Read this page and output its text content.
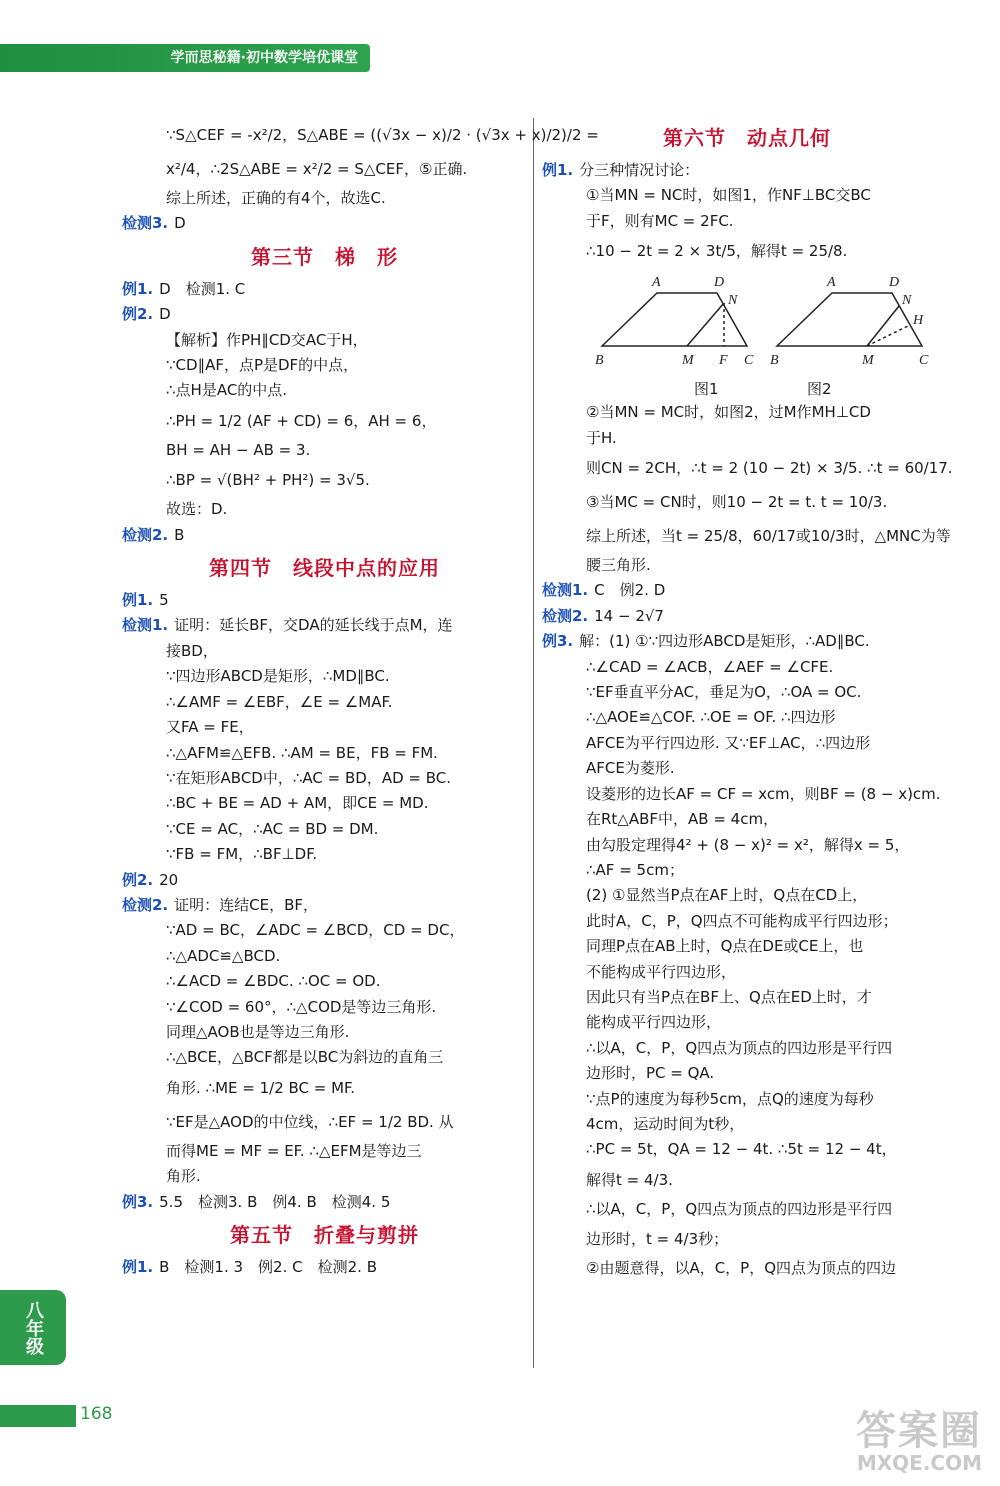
学而思秘籍·初中数学培优课堂
∵S△CEF = -x²/2，S△ABE = ((√3x − x)/2 · (√3x + x)/2)/2 =
x²/4，∴2S△ABE = x²/2 = S△CEF，⑤正确.
综上所述，正确的有4个，故选C.
检测3. D
第三节　梯　形
例1. D　检测1. C
例2. D
【解析】作PH∥CD交AC于H，
∵CD∥AF，点P是DF的中点，
∴点H是AC的中点.
∴PH = 1/2 (AF + CD) = 6，AH = 6，
BH = AH − AB = 3.
∴BP = √(BH² + PH²) = 3√5.
故选：D.
检测2. B
第四节　线段中点的应用
例1. 5
检测1. 证明：延长BF，交DA的延长线于点M，连
接BD，
∵四边形ABCD是矩形，∴MD∥BC.
∴∠AMF = ∠EBF，∠E = ∠MAF.
又FA = FE，
∴△AFM≌△EFB. ∴AM = BE，FB = FM.
∵在矩形ABCD中，∴AC = BD，AD = BC.
∴BC + BE = AD + AM，即CE = MD.
∵CE = AC，∴AC = BD = DM.
∵FB = FM，∴BF⊥DF.
例2. 20
检测2. 证明：连结CE，BF，
∵AD = BC，∠ADC = ∠BCD，CD = DC，
∴△ADC≌△BCD.
∴∠ACD = ∠BDC. ∴OC = OD.
∵∠COD = 60°，∴△COD是等边三角形.
同理△AOB也是等边三角形.
∴△BCE，△BCF都是以BC为斜边的直角三
角形. ∴ME = 1/2 BC = MF.
∵EF是△AOD的中位线，∴EF = 1/2 BD. 从
而得ME = MF = EF. ∴△EFM是等边三
角形.
例3. 5.5　检测3. B　例4. B　检测4. 5
第五节　折叠与剪拼
例1. B　检测1. 3　例2. C　检测2. B
第六节　动点几何
例1. 分三种情况讨论：
①当MN = NC时，如图1，作NF⊥BC交BC
于F，则有MC = 2FC.
∴10 − 2t = 2 × 3t/5，解得t = 25/8.
A	D
N
B	M F C
A	D
N
H
B	M	C
图1	图2
②当MN = MC时，如图2，过M作MH⊥CD
于H.
则CN = 2CH，∴t = 2 (10 − 2t) × 3/5. ∴t = 60/17.
③当MC = CN时，则10 − 2t = t. t = 10/3.
综上所述，当t = 25/8，60/17或10/3时，△MNC为等
腰三角形.
检测1. C　例2. D
检测2. 14 − 2√7
例3. 解：(1) ①∵四边形ABCD是矩形，∴AD∥BC.
∴∠CAD = ∠ACB，∠AEF = ∠CFE.
∵EF垂直平分AC，垂足为O，∴OA = OC.
∴△AOE≌△COF. ∴OE = OF. ∴四边形
AFCE为平行四边形. 又∵EF⊥AC，∴四边形
AFCE为菱形.
设菱形的边长AF = CF = xcm，则BF = (8 − x)cm.
在Rt△ABF中，AB = 4cm，
由勾股定理得4² + (8 − x)² = x²，解得x = 5，
∴AF = 5cm；
(2) ①显然当P点在AF上时，Q点在CD上，
此时A，C，P，Q四点不可能构成平行四边形；
同理P点在AB上时，Q点在DE或CE上，也
不能构成平行四边形，
因此只有当P点在BF上、Q点在ED上时，才
能构成平行四边形，
∴以A，C，P，Q四点为顶点的四边形是平行四
边形时，PC = QA.
∵点P的速度为每秒5cm，点Q的速度为每秒
4cm，运动时间为t秒，
∴PC = 5t，QA = 12 − 4t. ∴5t = 12 − 4t，
解得t = 4/3.
∴以A，C，P，Q四点为顶点的四边形是平行四
边形时，t = 4/3秒；
②由题意得，以A，C，P，Q四点为顶点的四边
八年级
168	答案圈
MXQE.COM
